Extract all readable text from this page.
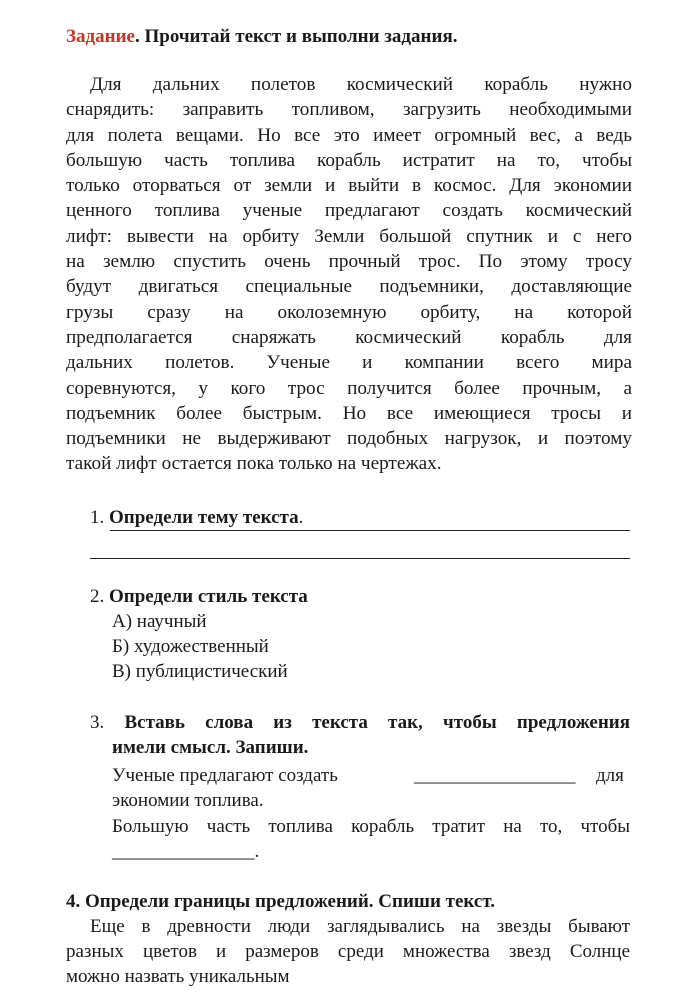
Задание. Прочитай текст и выполни задания.
Для дальних полетов космический корабль нужно
снарядить: заправить топливом, загрузить необходимыми
для полета вещами. Но все это имеет огромный вес, а ведь
большую часть топлива корабль истратит на то, чтобы
только оторваться от земли и выйти в космос. Для экономии
ценного топлива ученые предлагают создать космический
лифт: вывести на орбиту Земли большой спутник и с него
на землю спустить очень прочный трос. По этому тросу
будут двигаться специальные подъемники, доставляющие
грузы сразу на околоземную орбиту, на которой
предполагается снаряжать космический корабль для
дальних полетов. Ученые и компании всего мира
соревнуются, у кого трос получится более прочным, а
подъемник более быстрым. Но все имеющиеся тросы и
подъемники не выдерживают подобных нагрузок, и поэтому
такой лифт остается пока только на чертежах.
1. Определи тему текста.
2. Определи стиль текста
А) научный
Б) художественный
В) публицистический
3. Вставь слова из текста так, чтобы предложения
имели смысл. Запиши.
Ученые предлагают создать	_________________ для
экономии топлива.
Большую часть топлива корабль тратит на то, чтобы
_______________.
4. Определи границы предложений. Спиши текст.
Еще в древности люди заглядывались на звезды бывают
разных цветов и размеров среди множества звезд Солнце
можно назвать уникальным
